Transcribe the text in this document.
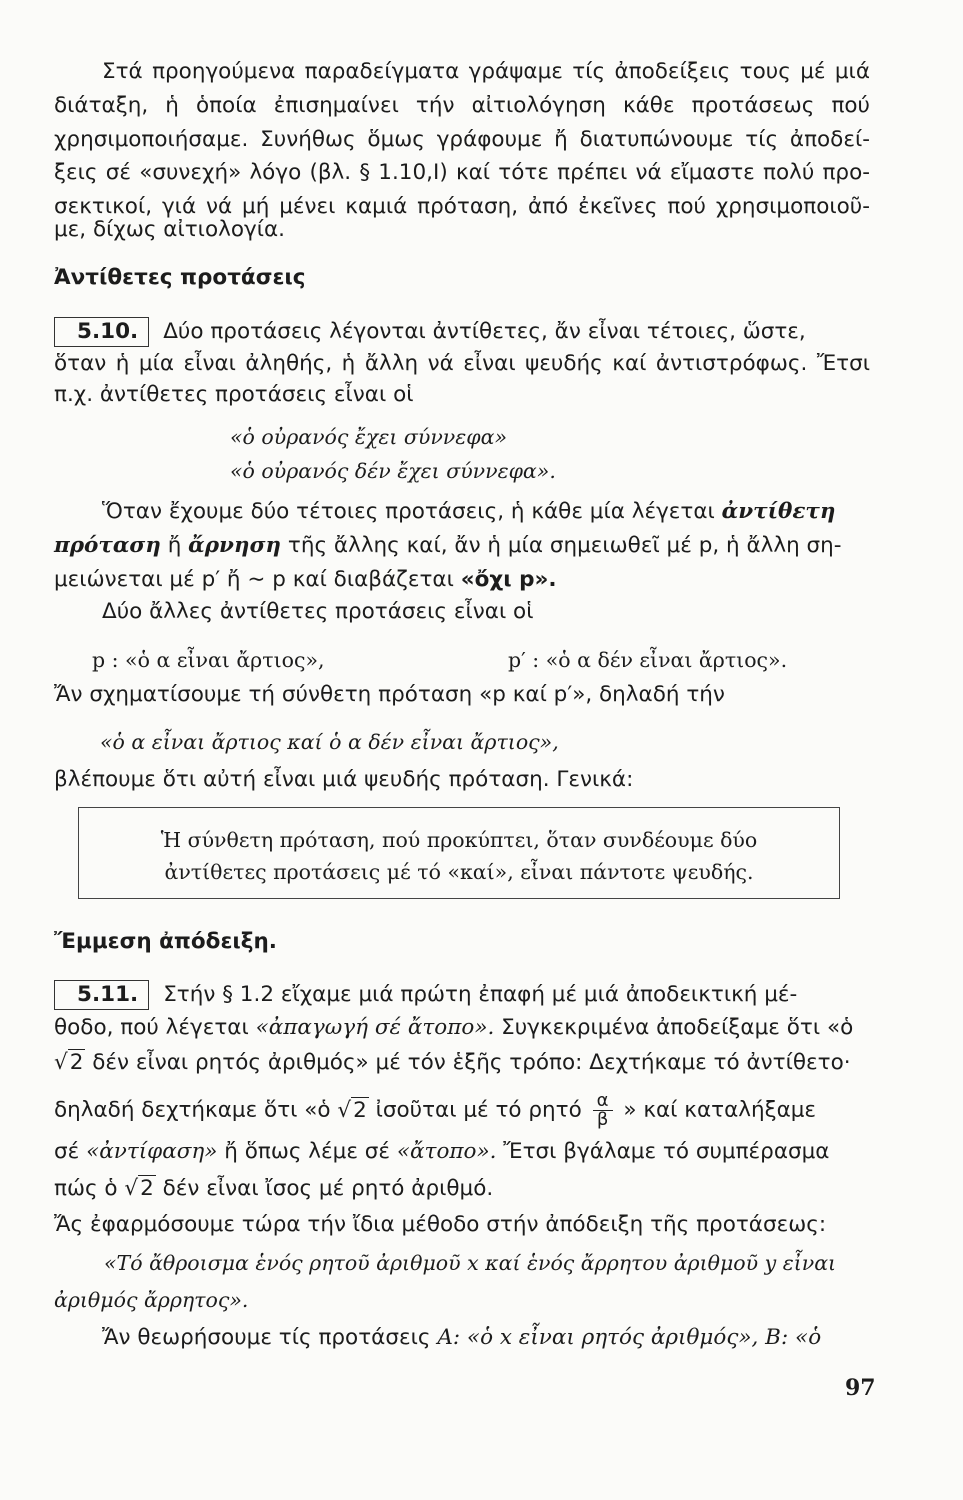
Στά προηγούμενα παραδείγματα γράψαμε τίς ἀποδείξεις τους μέ μιά
διάταξη, ἡ ὁποία ἐπισημαίνει τήν αἰτιολόγηση κάθε προτάσεως πού
χρησιμοποιήσαμε. Συνήθως ὅμως γράφουμε ἤ διατυπώνουμε τίς ἀποδεί-
ξεις σέ «συνεχή» λόγο (βλ. § 1.10,I) καί τότε πρέπει νά εἴμαστε πολύ προ-
σεκτικοί, γιά νά μή μένει καμιά πρόταση, ἀπό ἐκεῖνες πού χρησιμοποιοῦ-
με, δίχως αἰτιολογία.
Ἀντίθετες προτάσεις
5.10. Δύο προτάσεις λέγονται ἀντίθετες, ἄν εἶναι τέτοιες, ὥστε,
ὅταν ἡ μία εἶναι ἀληθής, ἡ ἄλλη νά εἶναι ψευδής καί ἀντιστρόφως. Ἔτσι
π.χ. ἀντίθετες προτάσεις εἶναι οἱ
«ὁ οὐρανός ἔχει σύννεφα»
«ὁ οὐρανός δέν ἔχει σύννεφα».
Ὅταν ἔχουμε δύο τέτοιες προτάσεις, ἡ κάθε μία λέγεται ἀντίθετη
πρόταση ἤ ἄρνηση τῆς ἄλλης καί, ἄν ἡ μία σημειωθεῖ μέ p, ἡ ἄλλη ση-
μειώνεται μέ p′ ἤ ∼ p καί διαβάζεται «ὄχι p».
Δύο ἄλλες ἀντίθετες προτάσεις εἶναι οἱ
p : «ὁ α εἶναι ἄρτιος»,	p′ : «ὁ α δέν εἶναι ἄρτιος».
Ἄν σχηματίσουμε τή σύνθετη πρόταση «p καί p′», δηλαδή τήν
«ὁ α εἶναι ἄρτιος καί ὁ α δέν εἶναι ἄρτιος»,
βλέπουμε ὅτι αὐτή εἶναι μιά ψευδής πρόταση. Γενικά:
Ἡ σύνθετη πρόταση, πού προκύπτει, ὅταν συνδέουμε δύο
ἀντίθετες προτάσεις μέ τό «καί», εἶναι πάντοτε ψευδής.
Ἔμμεση ἀπόδειξη.
5.11. Στήν § 1.2 εἴχαμε μιά πρώτη ἐπαφή μέ μιά ἀποδεικτική μέ-
θοδο, πού λέγεται «ἀπαγωγή σέ ἄτοπο». Συγκεκριμένα ἀποδείξαμε ὅτι «ὁ
√2 δέν εἶναι ρητός ἀριθμός» μέ τόν ἑξῆς τρόπο: Δεχτήκαμε τό ἀντίθετο·
δηλαδή δεχτήκαμε ὅτι «ὁ √2 ἰσοῦται μέ τό ρητό $\frac{\alpha}{\beta}$ » καί καταλήξαμε
σέ «ἀντίφαση» ἤ ὅπως λέμε σέ «ἄτοπο». Ἔτσι βγάλαμε τό συμπέρασμα
πώς ὁ √2 δέν εἶναι ἴσος μέ ρητό ἀριθμό.
Ἄς ἐφαρμόσουμε τώρα τήν ἴδια μέθοδο στήν ἀπόδειξη τῆς προτάσεως:
«Τό ἄθροισμα ἑνός ρητοῦ ἀριθμοῦ x καί ἑνός ἄρρητου ἀριθμοῦ y εἶναι
ἀριθμός ἄρρητος».
Ἄν θεωρήσουμε τίς προτάσεις A: «ὁ x εἶναι ρητός ἀριθμός», B: «ὁ
97
